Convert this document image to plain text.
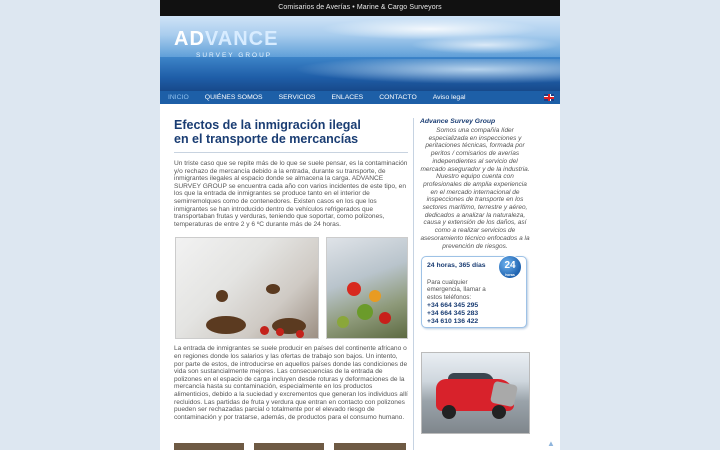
Comisarios de Averías • Marine & Cargo Surveyors
ADVANCE
SURVEY GROUP
INICIO QUIÉNES SOMOS SERVICIOS ENLACES CONTACTO Aviso legal
Efectos de la inmigración ilegal
en el transporte de mercancías

Un triste caso que se repite más de lo que se suele pensar, es la contaminación y/o rechazo de mercancía debido a la entrada, durante su transporte, de inmigrantes ilegales al espacio donde se almacena la carga. ADVANCE SURVEY GROUP se encuentra cada año con varios incidentes de este tipo, en los que la entrada de inmigrantes se produce tanto en el interior de semirremolques como de contenedores. Existen casos en los que los inmigrantes se han introducido dentro de vehículos refrigerados que transportaban frutas y verduras, teniendo que soportar, como polizones, temperaturas de entre 2 y 6 ºC durante más de 24 horas.

La entrada de inmigrantes se suele producir en países del continente africano o en regiones donde los salarios y las ofertas de trabajo son bajos. Un intento, por parte de estos, de introducirse en aquellos países donde las condiciones de vida son sustancialmente mejores. Las consecuencias de la entrada de polizones en el espacio de carga incluyen desde roturas y deformaciones de la mercancía hasta su contaminación, especialmente en los productos alimenticios, debido a la suciedad y excrementos que generan los individuos allí recluidos. Las partidas de fruta y verdura que entran en contacto con polizones pueden ser rechazadas parcial o totalmente por el elevado riesgo de contaminación y por tratarse, además, de productos para el consumo humano.

Advance Survey Group
Somos una compañía líder especializada en inspecciones y peritaciones técnicas, formada por peritos / comisarios de averías independientes al servicio del mercado asegurador y de la industria. Nuestro equipo cuenta con profesionales de amplia experiencia en el mercado internacional de inspecciones de transporte en los sectores marítimo, terrestre y aéreo, dedicados a analizar la naturaleza, causa y extensión de los daños, así como a realizar servicios de asesoramiento técnico enfocados a la prevención de riesgos.
24 horas, 365 días	24
horas
Para cualquier emergencia, llamar a estos teléfonos:
+34 664 345 295
+34 664 345 283
+34 610 136 422
▲
